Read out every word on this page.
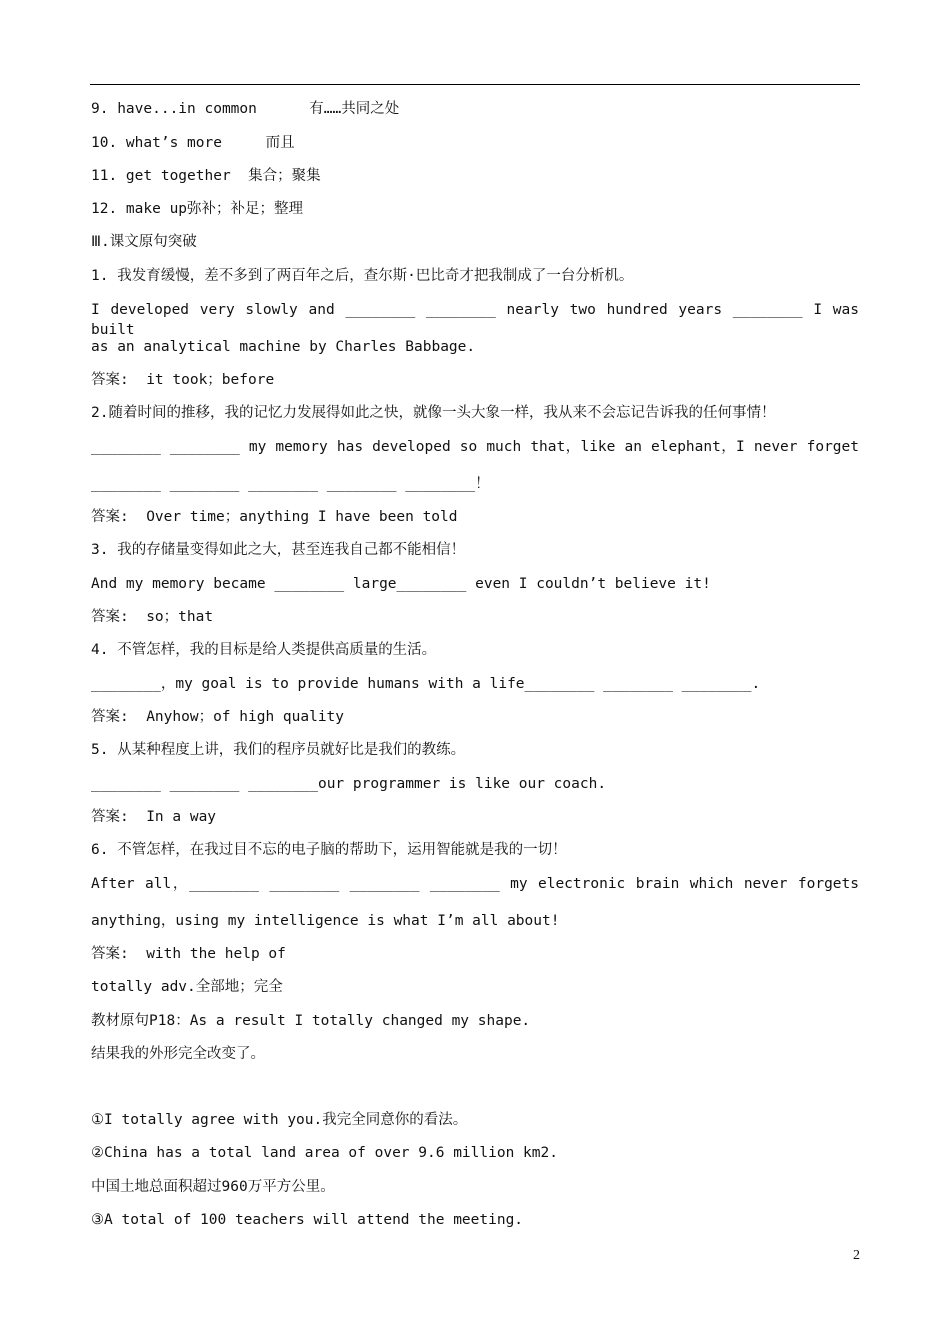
9. have...in common      有……共同之处
10. what’s more     而且
11. get together  集合；聚集
12. make up弥补；补足；整理
Ⅲ.课文原句突破
1. 我发育缓慢，差不多到了两百年之后，查尔斯·巴比奇才把我制成了一台分析机。
I developed very slowly and ________ ________ nearly two hundred years ________ I was built
as an analytical machine by Charles Babbage.
答案:  it took；before
2.随着时间的推移，我的记忆力发展得如此之快，就像一头大象一样，我从来不会忘记告诉我的任何事情！
________ ________ my memory has developed so much that，like an elephant，I never forget
________ ________ ________ ________ ________！
答案:  Over time；anything I have been told
3. 我的存储量变得如此之大，甚至连我自己都不能相信！
And my memory became ________ large________ even I couldn’t believe it!
答案:  so；that
4. 不管怎样，我的目标是给人类提供高质量的生活。
________，my goal is to provide humans with a life________ ________ ________.
答案:  Anyhow；of high quality
5. 从某种程度上讲，我们的程序员就好比是我们的教练。
________ ________ ________our programmer is like our coach.
答案:  In a way
6. 不管怎样，在我过目不忘的电子脑的帮助下，运用智能就是我的一切！
After all，________ ________ ________ ________ my electronic brain which never forgets
anything，using my intelligence is what I’m all about!
答案:  with the help of
totally adv.全部地；完全
教材原句P18：As a result I totally changed my shape.
结果我的外形完全改变了。
①I totally agree with you.我完全同意你的看法。
②China has a total land area of over 9.6 million km2.
中国土地总面积超过960万平方公里。
③A total of 100 teachers will attend the meeting.
2
